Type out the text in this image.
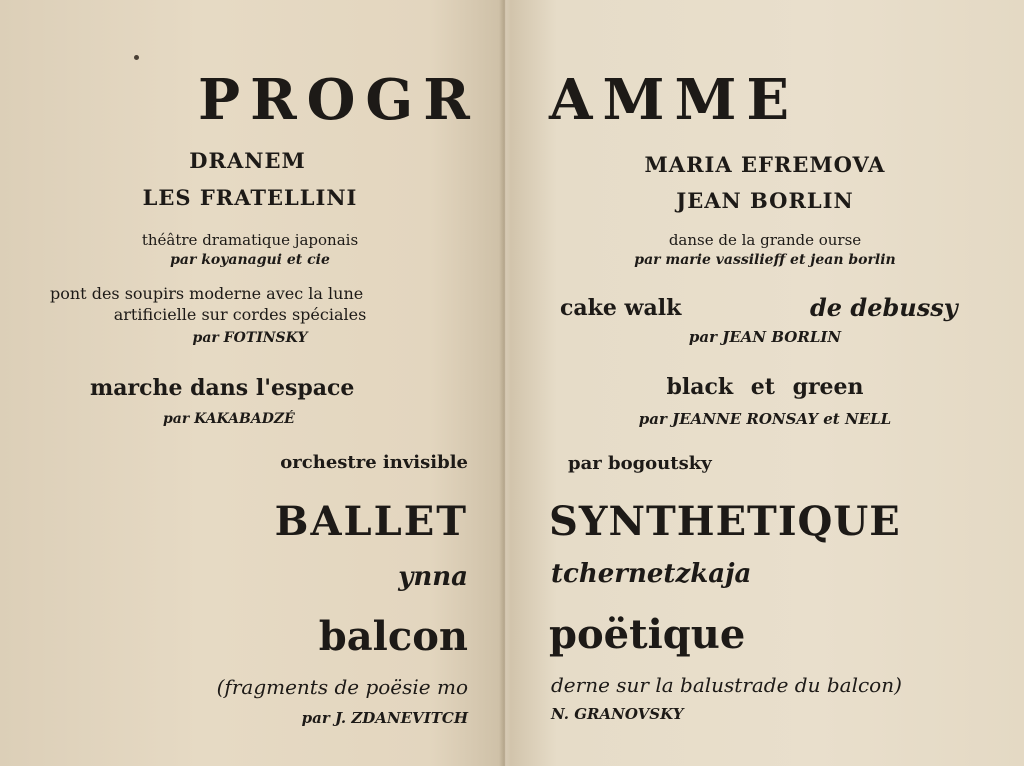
PROGR

DRANEM

LES FRATELLINI

théâtre dramatique japonais

par koyanagui et cie

pont des soupirs moderne avec la lune

artificielle sur cordes spéciales

par FOTINSKY

marche dans l'espace

par KAKABADZÉ

orchestre invisible

BALLET

ynna

balcon

(fragments de poësie mo

par J. ZDANEVITCH

AMME

MARIA EFREMOVA

JEAN BORLIN

danse de la grande ourse

par marie vassilieff et jean borlin

cake walk	de debussy

par JEAN BORLIN

black et green

par JEANNE RONSAY et NELL

par bogoutsky

SYNTHETIQUE

tchernetzkaja

poëtique

derne sur la balustrade du balcon)

N. GRANOVSKY
